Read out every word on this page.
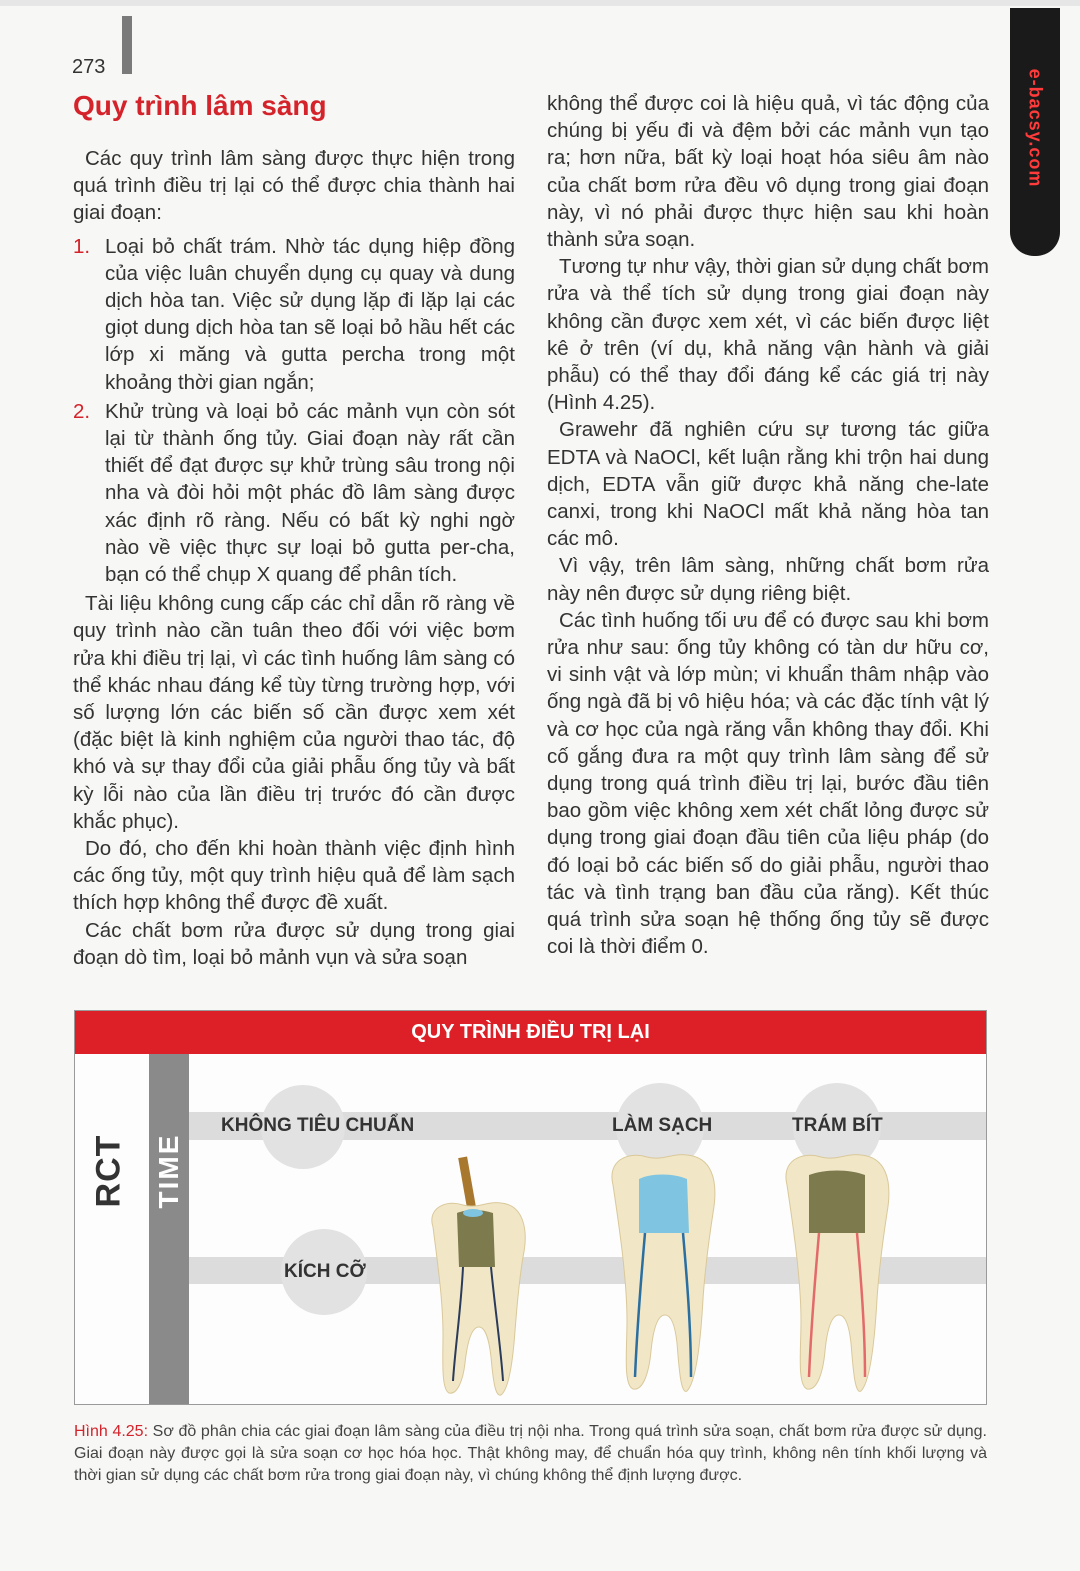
273
e-bacsy.com
Quy trình lâm sàng

Các quy trình lâm sàng được thực hiện trong quá trình điều trị lại có thể được chia thành hai giai đoạn:

1. Loại bỏ chất trám. Nhờ tác dụng hiệp đồng của việc luân chuyển dụng cụ quay và dung dịch hòa tan. Việc sử dụng lặp đi lặp lại các giọt dung dịch hòa tan sẽ loại bỏ hầu hết các lớp xi măng và gutta percha trong một khoảng thời gian ngắn;
2. Khử trùng và loại bỏ các mảnh vụn còn sót lại từ thành ống tủy. Giai đoạn này rất cần thiết để đạt được sự khử trùng sâu trong nội nha và đòi hỏi một phác đồ lâm sàng được xác định rõ ràng. Nếu có bất kỳ nghi ngờ nào về việc thực sự loại bỏ gutta per-cha, bạn có thể chụp X quang để phân tích.

Tài liệu không cung cấp các chỉ dẫn rõ ràng về quy trình nào cần tuân theo đối với việc bơm rửa khi điều trị lại, vì các tình huống lâm sàng có thể khác nhau đáng kể tùy từng trường hợp, với số lượng lớn các biến số cần được xem xét (đặc biệt là kinh nghiệm của người thao tác, độ khó và sự thay đổi của giải phẫu ống tủy và bất kỳ lỗi nào của lần điều trị trước đó cần được khắc phục).

Do đó, cho đến khi hoàn thành việc định hình các ống tủy, một quy trình hiệu quả để làm sạch thích hợp không thể được đề xuất.

Các chất bơm rửa được sử dụng trong giai đoạn dò tìm, loại bỏ mảnh vụn và sửa soạn

không thể được coi là hiệu quả, vì tác động của chúng bị yếu đi và đệm bởi các mảnh vụn tạo ra; hơn nữa, bất kỳ loại hoạt hóa siêu âm nào của chất bơm rửa đều vô dụng trong giai đoạn này, vì nó phải được thực hiện sau khi hoàn thành sửa soạn.

Tương tự như vậy, thời gian sử dụng chất bơm rửa và thể tích sử dụng trong giai đoạn này không cần được xem xét, vì các biến được liệt kê ở trên (ví dụ, khả năng vận hành và giải phẫu) có thể thay đổi đáng kể các giá trị này (Hình 4.25).

Grawehr đã nghiên cứu sự tương tác giữa EDTA và NaOCl, kết luận rằng khi trộn hai dung dịch, EDTA vẫn giữ được khả năng che-late canxi, trong khi NaOCl mất khả năng hòa tan các mô.

Vì vậy, trên lâm sàng, những chất bơm rửa này nên được sử dụng riêng biệt.

Các tình huống tối ưu để có được sau khi bơm rửa như sau: ống tủy không có tàn dư hữu cơ, vi sinh vật và lớp mùn; vi khuẩn thâm nhập vào ống ngà đã bị vô hiệu hóa; và các đặc tính vật lý và cơ học của ngà răng vẫn không thay đổi. Khi cố gắng đưa ra một quy trình lâm sàng để sử dụng trong quá trình điều trị lại, bước đầu tiên bao gồm việc không xem xét chất lỏng được sử dụng trong giai đoạn đầu tiên của liệu pháp (do đó loại bỏ các biến số do giải phẫu, người thao tác và tình trạng ban đầu của răng). Kết thúc quá trình sửa soạn hệ thống ống tủy sẽ được coi là thời điểm 0.

QUY TRÌNH ĐIỀU TRỊ LẠI
TIME
RCT
KHÔNG TIÊU CHUẨN	LÀM SẠCH	TRÁM BÍT
KÍCH CỠ
Hình 4.25: Sơ đồ phân chia các giai đoạn lâm sàng của điều trị nội nha. Trong quá trình sửa soạn, chất bơm rửa được sử dụng. Giai đoạn này được gọi là sửa soạn cơ học hóa học. Thật không may, để chuẩn hóa quy trình, không nên tính khối lượng và thời gian sử dụng các chất bơm rửa trong giai đoạn này, vì chúng không thể định lượng được.
